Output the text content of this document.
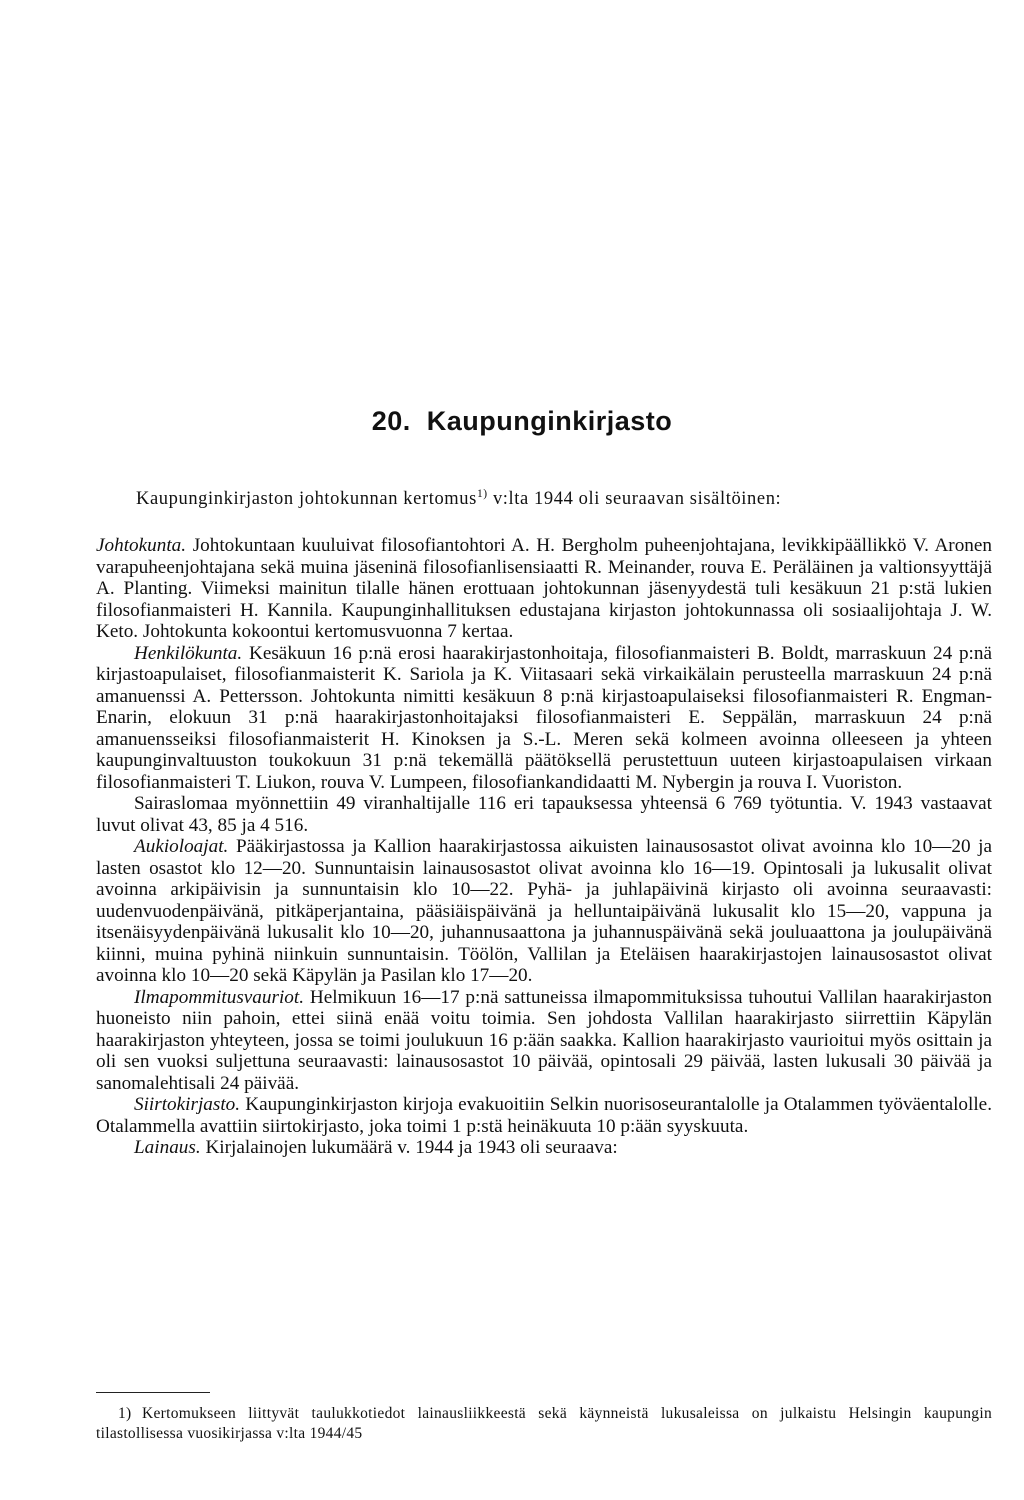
20. Kaupunginkirjasto

Kaupunginkirjaston johtokunnan kertomus$^{1)}$ v:lta 1944 oli seuraavan sisältöinen:

Johtokunta. Johtokuntaan kuuluivat filosofiantohtori A. H. Bergholm puheenjohtajana, levikkipäällikkö V. Aronen varapuheenjohtajana sekä muina jäseninä filosofianlisensiaatti R. Meinander, rouva E. Peräläinen ja valtionsyyttäjä A. Planting. Viimeksi mainitun tilalle hänen erottuaan johtokunnan jäsenyydestä tuli kesäkuun 21 p:stä lukien filosofianmaisteri H. Kannila. Kaupunginhallituksen edustajana kirjaston johtokunnassa oli sosiaalijohtaja J. W. Keto. Johtokunta kokoontui kertomusvuonna 7 kertaa.

Henkilökunta. Kesäkuun 16 p:nä erosi haarakirjastonhoitaja, filosofianmaisteri B. Boldt, marraskuun 24 p:nä kirjastoapulaiset, filosofianmaisterit K. Sariola ja K. Viitasaari sekä virkaikälain perusteella marraskuun 24 p:nä amanuenssi A. Pettersson. Johtokunta nimitti kesäkuun 8 p:nä kirjastoapulaiseksi filosofianmaisteri R. Engman-Enarin, elokuun 31 p:nä haarakirjastonhoitajaksi filosofianmaisteri E. Seppälän, marraskuun 24 p:nä amanuensseiksi filosofianmaisterit H. Kinoksen ja S.-L. Meren sekä kolmeen avoinna olleeseen ja yhteen kaupunginvaltuuston toukokuun 31 p:nä tekemällä päätöksellä perustettuun uuteen kirjastoapulaisen virkaan filosofianmaisteri T. Liukon, rouva V. Lumpeen, filosofiankandidaatti M. Nybergin ja rouva I. Vuoriston.

Sairaslomaa myönnettiin 49 viranhaltijalle 116 eri tapauksessa yhteensä 6 769 työtuntia. V. 1943 vastaavat luvut olivat 43, 85 ja 4 516.

Aukioloajat. Pääkirjastossa ja Kallion haarakirjastossa aikuisten lainausosastot olivat avoinna klo 10—20 ja lasten osastot klo 12—20. Sunnuntaisin lainausosastot olivat avoinna klo 16—19. Opintosali ja lukusalit olivat avoinna arkipäivisin ja sunnuntaisin klo 10—22. Pyhä- ja juhlapäivinä kirjasto oli avoinna seuraavasti: uudenvuodenpäivänä, pitkäperjantaina, pääsiäispäivänä ja helluntaipäivänä lukusalit klo 15—20, vappuna ja itsenäisyydenpäivänä lukusalit klo 10—20, juhannusaattona ja juhannuspäivänä sekä jouluaattona ja joulupäivänä kiinni, muina pyhinä niinkuin sunnuntaisin. Töölön, Vallilan ja Eteläisen haarakirjastojen lainausosastot olivat avoinna klo 10—20 sekä Käpylän ja Pasilan klo 17—20.

Ilmapommitusvauriot. Helmikuun 16—17 p:nä sattuneissa ilmapommituksissa tuhoutui Vallilan haarakirjaston huoneisto niin pahoin, ettei siinä enää voitu toimia. Sen johdosta Vallilan haarakirjasto siirrettiin Käpylän haarakirjaston yhteyteen, jossa se toimi joulukuun 16 p:ään saakka. Kallion haarakirjasto vaurioitui myös osittain ja oli sen vuoksi suljettuna seuraavasti: lainausosastot 10 päivää, opintosali 29 päivää, lasten lukusali 30 päivää ja sanomalehtisali 24 päivää.

Siirtokirjasto. Kaupunginkirjaston kirjoja evakuoitiin Selkin nuorisoseurantalolle ja Otalammen työväentalolle. Otalammella avattiin siirtokirjasto, joka toimi 1 p:stä heinäkuuta 10 p:ään syyskuuta.

Lainaus. Kirjalainojen lukumäärä v. 1944 ja 1943 oli seuraava:

1) Kertomukseen liittyvät taulukkotiedot lainausliikkeestä sekä käynneistä lukusaleissa on julkaistu Helsingin kaupungin tilastollisessa vuosikirjassa v:lta 1944/45
